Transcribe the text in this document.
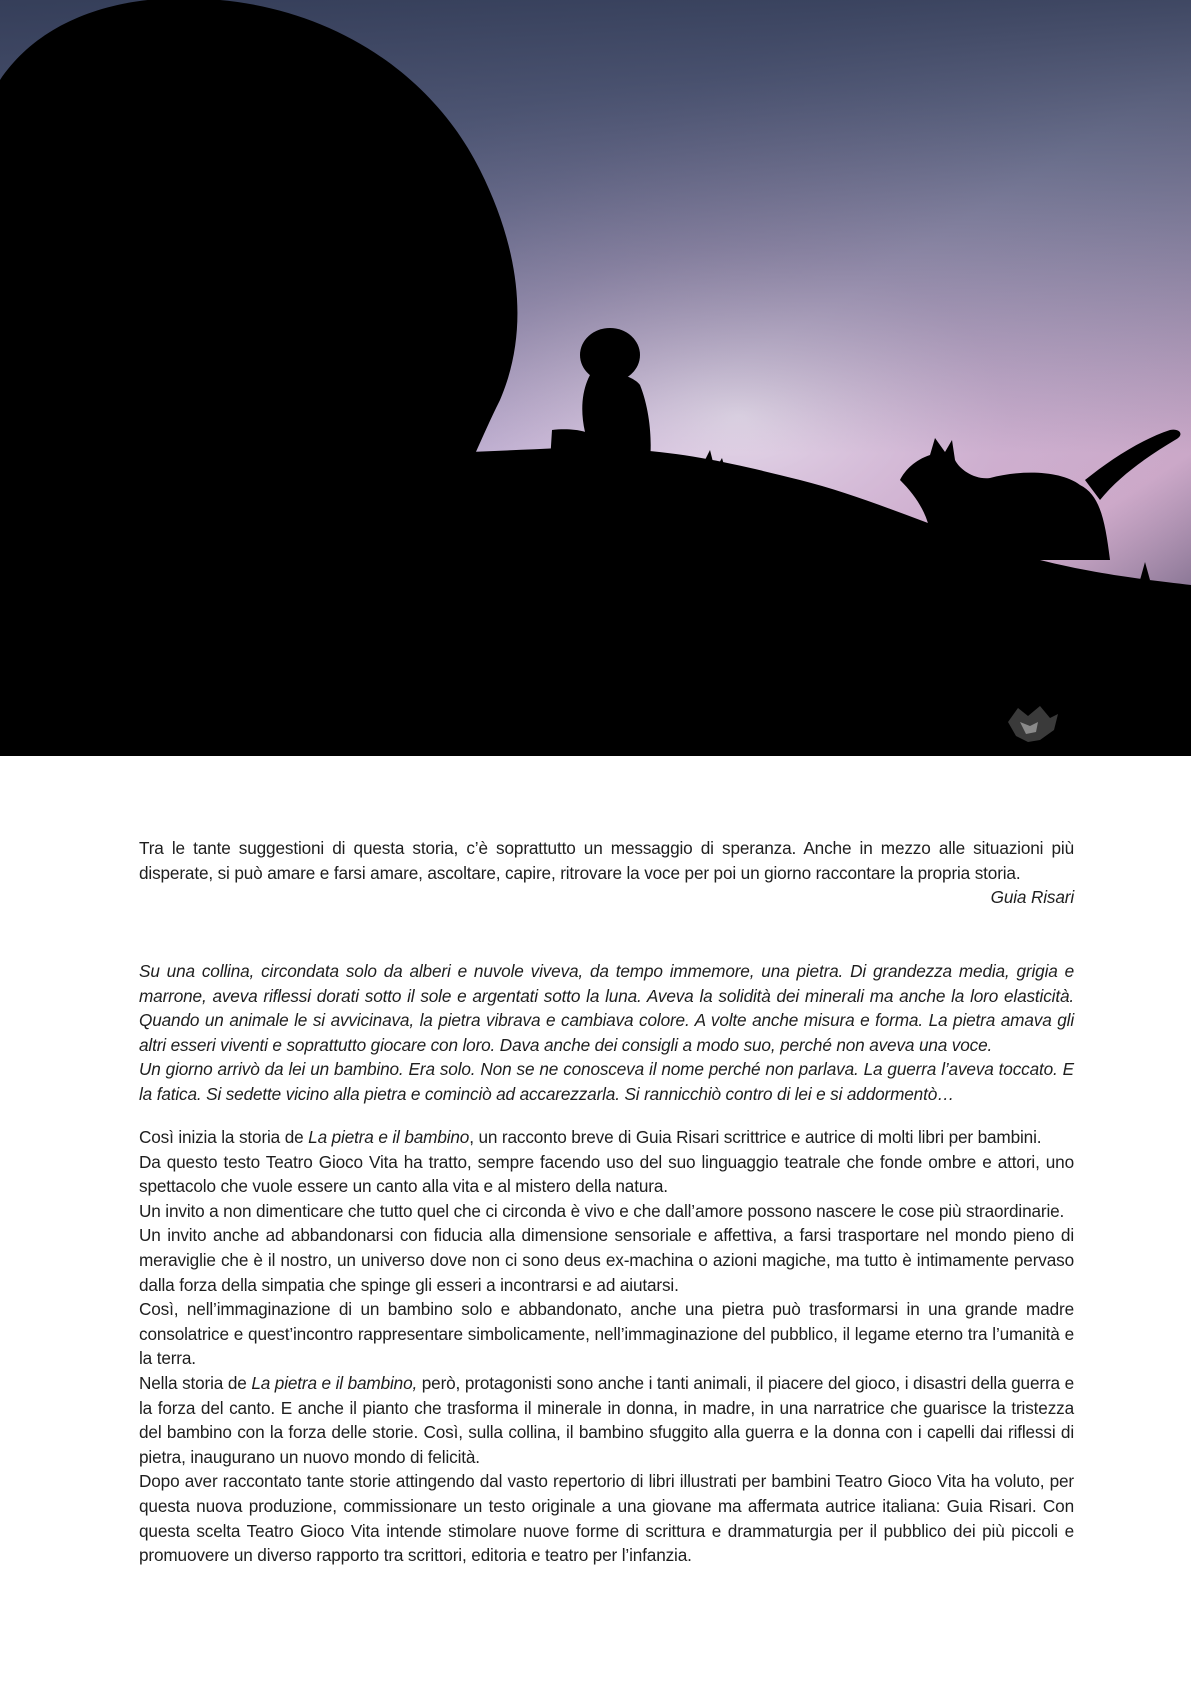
Tra le tante suggestioni di questa storia, c’è soprattutto un messaggio di speranza. Anche in mezzo alle situazioni più disperate, si può amare e farsi amare, ascoltare, capire, ritrovare la voce per poi un giorno raccontare la propria storia.

Guia Risari

Su una collina, circondata solo da alberi e nuvole viveva, da tempo immemore, una pietra. Di grandezza media, grigia e marrone, aveva riflessi dorati sotto il sole e argentati sotto la luna. Aveva la solidità dei minerali ma anche la loro elasticità. Quando un animale le si avvicinava, la pietra vibrava e cambiava colore. A volte anche misura e forma. La pietra amava gli altri esseri viventi e soprattutto giocare con loro. Dava anche dei consigli a modo suo, perché non aveva una voce.

Un giorno arrivò da lei un bambino. Era solo. Non se ne conosceva il nome perché non parlava. La guerra l’aveva toccato. E la fatica. Si sedette vicino alla pietra e cominciò ad accarezzarla. Si rannicchiò contro di lei e si addormentò…

Così inizia la storia de La pietra e il bambino, un racconto breve di Guia Risari scrittrice e autrice di molti libri per bambini.

Da questo testo Teatro Gioco Vita ha tratto, sempre facendo uso del suo linguaggio teatrale che fonde ombre e attori, uno spettacolo che vuole essere un canto alla vita e al mistero della natura.

Un invito a non dimenticare che tutto quel che ci circonda è vivo e che dall’amore possono nascere le cose più straordinarie.

Un invito anche ad abbandonarsi con fiducia alla dimensione sensoriale e affettiva, a farsi trasportare nel mondo pieno di meraviglie che è il nostro, un universo dove non ci sono deus ex-machina o azioni magiche, ma tutto è intimamente pervaso dalla forza della simpatia che spinge gli esseri a incontrarsi e ad aiutarsi.

Così, nell’immaginazione di un bambino solo e abbandonato, anche una pietra può trasformarsi in una grande madre consolatrice e quest’incontro rappresentare simbolicamente, nell’immaginazione del pubblico, il legame eterno tra l’umanità e la terra.

Nella storia de La pietra e il bambino, però, protagonisti sono anche i tanti animali, il piacere del gioco, i disastri della guerra e la forza del canto. E anche il pianto che trasforma il minerale in donna, in madre, in una narratrice che guarisce la tristezza del bambino con la forza delle storie. Così, sulla collina, il bambino sfuggito alla guerra e la donna con i capelli dai riflessi di pietra, inaugurano un nuovo mondo di felicità.

Dopo aver raccontato tante storie attingendo dal vasto repertorio di libri illustrati per bambini Teatro Gioco Vita ha voluto, per questa nuova produzione, commissionare un testo originale a una giovane ma affermata autrice italiana: Guia Risari. Con questa scelta Teatro Gioco Vita intende stimolare nuove forme di scrittura e drammaturgia per il pubblico dei più piccoli e promuovere un diverso rapporto tra scrittori, editoria e teatro per l’infanzia.
